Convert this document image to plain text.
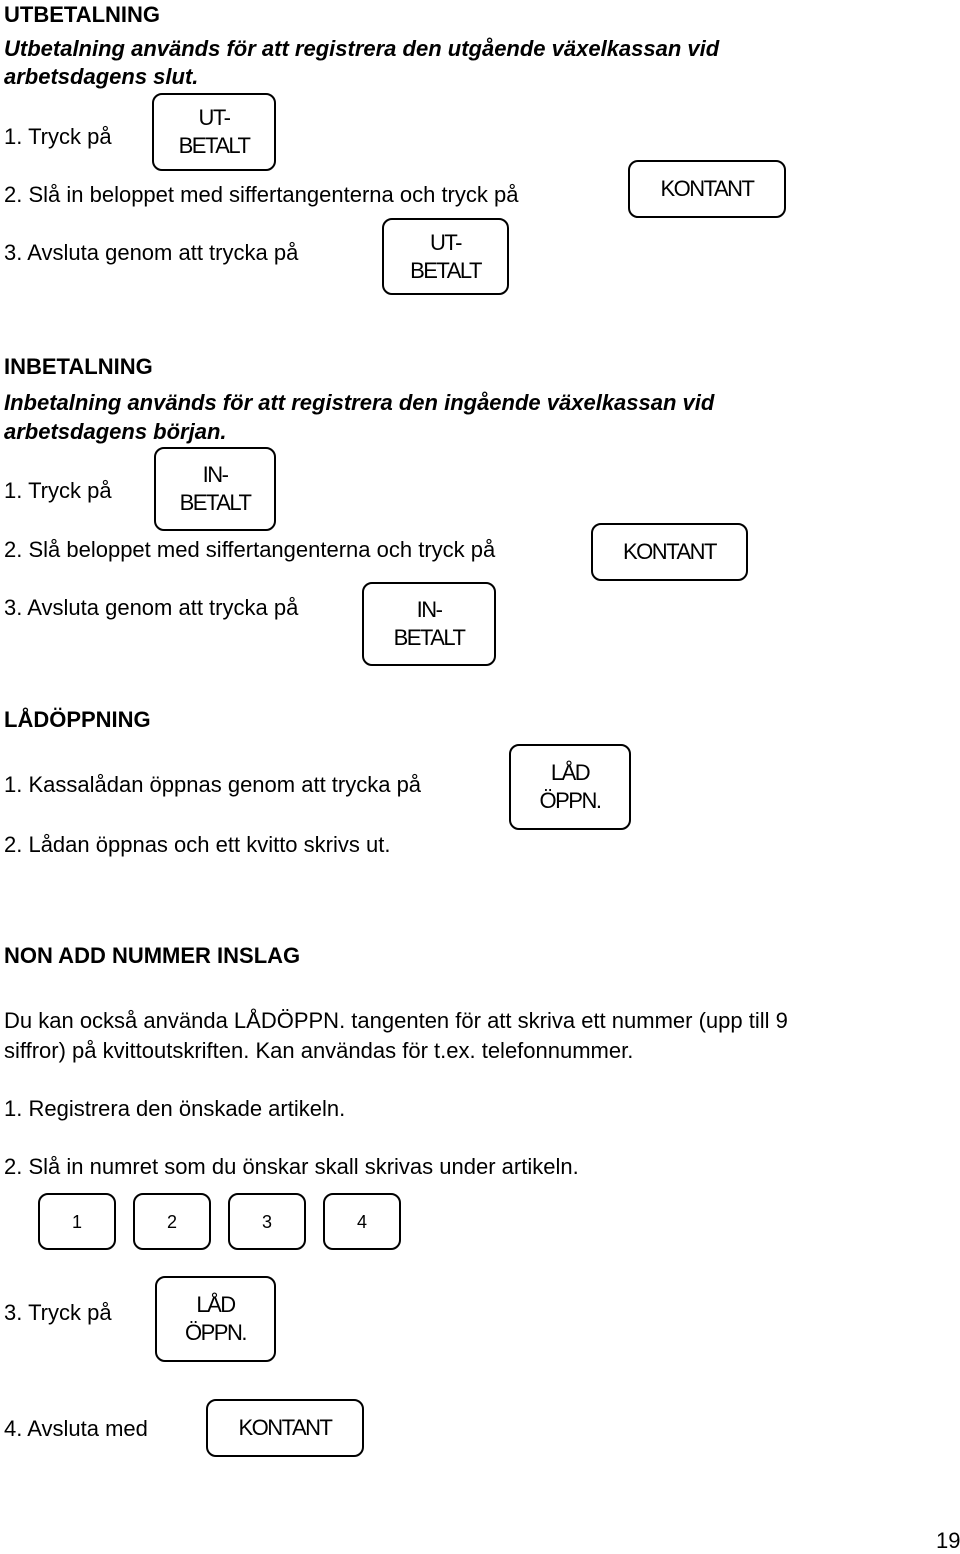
UTBETALNING
Utbetalning används för att registrera den utgående växelkassan vid
arbetsdagens slut.
1. Tryck på
UT-
BETALT
2. Slå in beloppet med siffertangenterna och tryck på	KONTANT
3. Avsluta genom att trycka på	UT-
BETALT
INBETALNING
Inbetalning används för att registrera den ingående växelkassan vid
arbetsdagens början.
1. Tryck på
IN-
BETALT
2. Slå beloppet med siffertangenterna och tryck på	KONTANT
3. Avsluta genom att trycka på	IN-
BETALT
LÅDÖPPNING
1. Kassalådan öppnas genom att trycka på	LÅD
ÖPPN.
2. Lådan öppnas och ett kvitto skrivs ut.
NON ADD NUMMER INSLAG
Du kan också använda LÅDÖPPN. tangenten för att skriva ett nummer (upp till 9
siffror) på kvittoutskriften. Kan användas för t.ex. telefonnummer.
1. Registrera den önskade artikeln.
2. Slå in numret som du önskar skall skrivas under artikeln.
1	2	3	4
3. Tryck på	LÅD
ÖPPN.
4. Avsluta med	KONTANT
19
